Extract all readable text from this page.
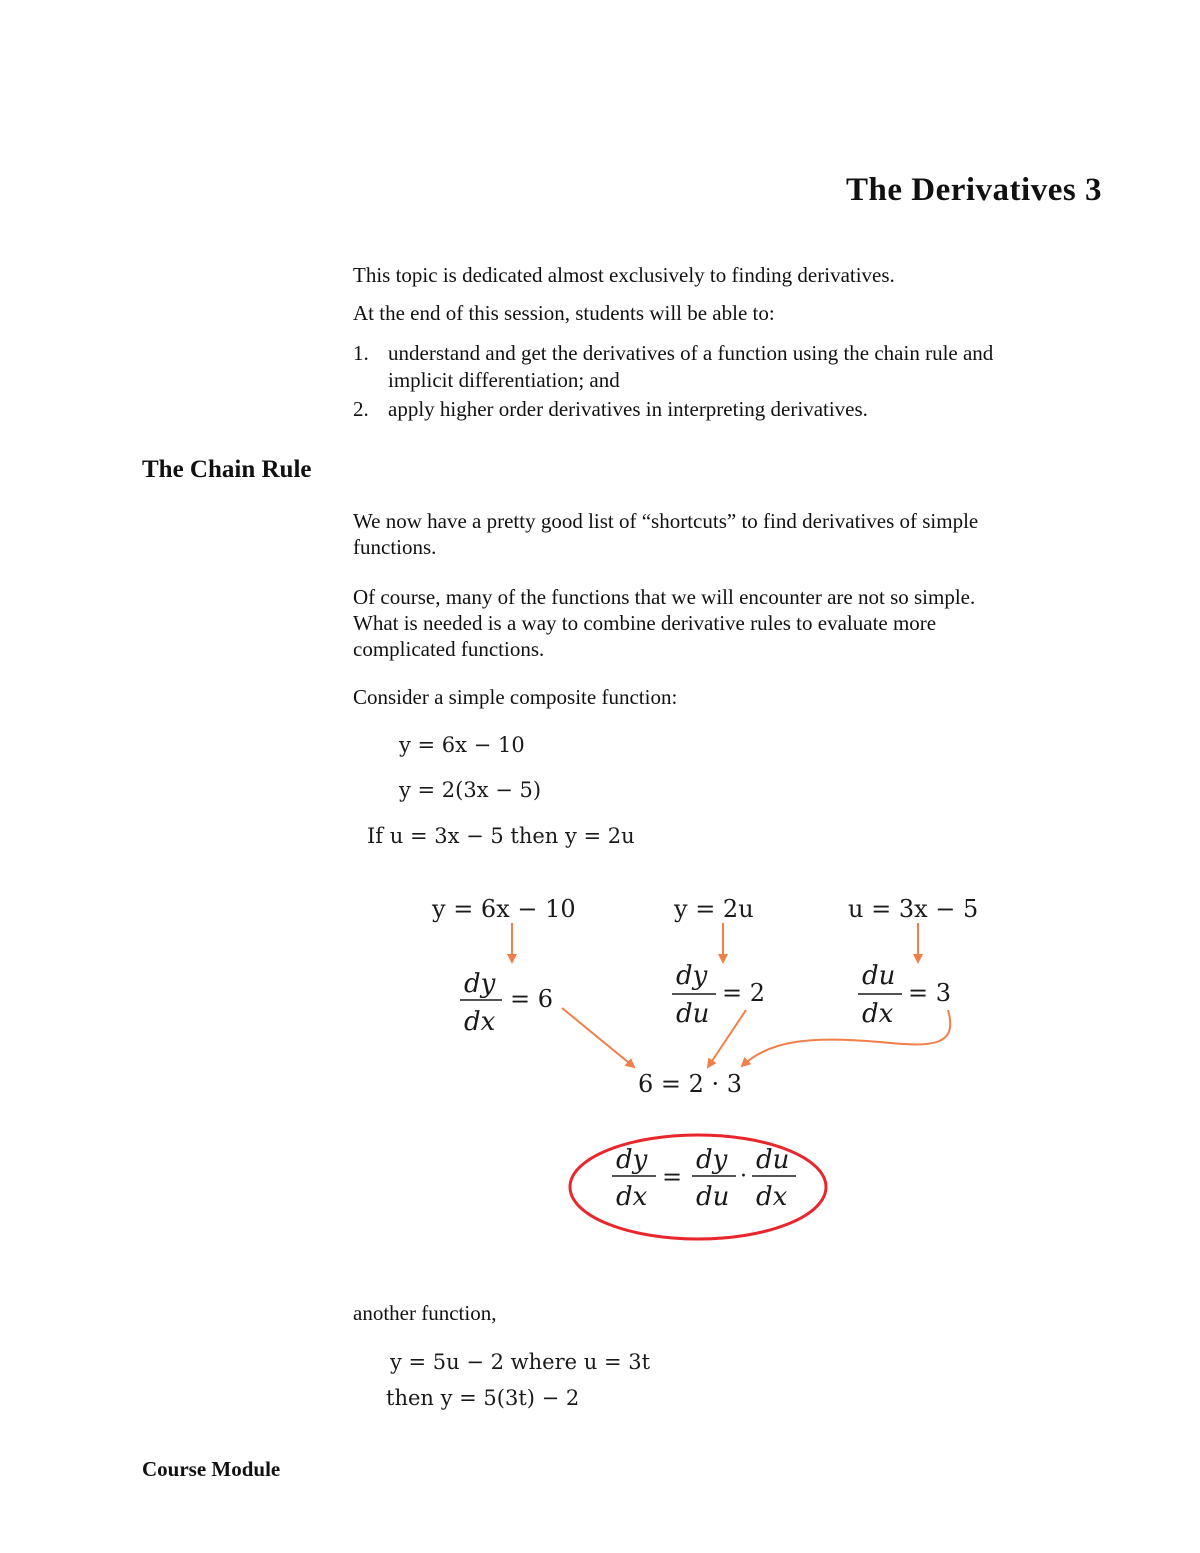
The Derivatives 3
This topic is dedicated almost exclusively to finding derivatives.
At the end of this session, students will be able to:
1. understand and get the derivatives of a function using the chain rule and
implicit differentiation; and
2. apply higher order derivatives in interpreting derivatives.
The Chain Rule
We now have a pretty good list of “shortcuts” to find derivatives of simple
functions.
Of course, many of the functions that we will encounter are not so simple.
What is needed is a way to combine derivative rules to evaluate more
complicated functions.
Consider a simple composite function:
y = 6x − 10
y = 2(3x − 5)
If u = 3x − 5 then y = 2u
y = 6x − 10	y = 2u	u = 3x − 5
dy
dx
= 6
dy
du
= 2
du
dx
= 3
6 = 2 · 3
dy
dx
=
dy
du
·
du
dx
another function,
y = 5u − 2 where u = 3t
then y = 5(3t) − 2
Course Module
